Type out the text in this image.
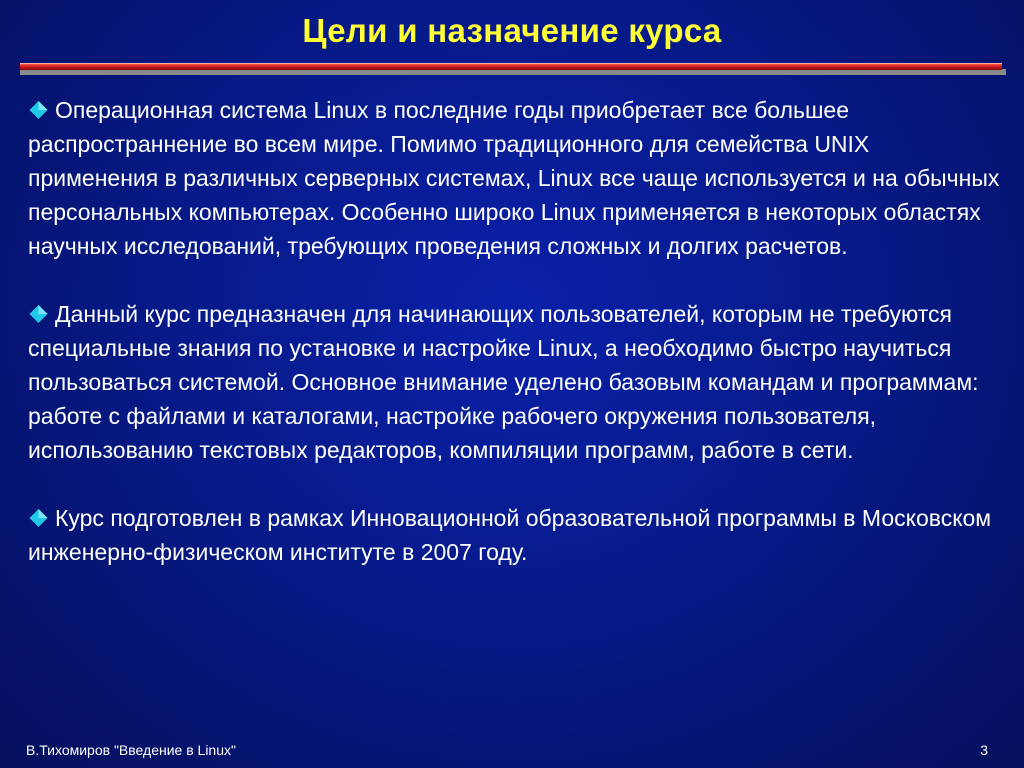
Цели и назначение курса

Операционная система Linux в последние годы приобретает все большее распространнение во всем мире. Помимо традиционного для семейства UNIX применения в различных серверных системах, Linux все чаще используется и на обычных персональных компьютерах. Особенно широко Linux применяется в некоторых областях научных исследований, требующих проведения сложных и долгих расчетов.

Данный курс предназначен для начинающих пользователей, которым не требуются специальные знания по установке и настройке Linux, а необходимо быстро научиться пользоваться системой. Основное внимание уделено базовым командам и программам: работе с файлами и каталогами, настройке рабочего окружения пользователя, использованию текстовых редакторов, компиляции программ, работе в сети.

Курс подготовлен в рамках Инновационной образовательной программы в Московском инженерно-физическом институте в 2007 году.

В.Тихомиров "Введение в Linux"	3
